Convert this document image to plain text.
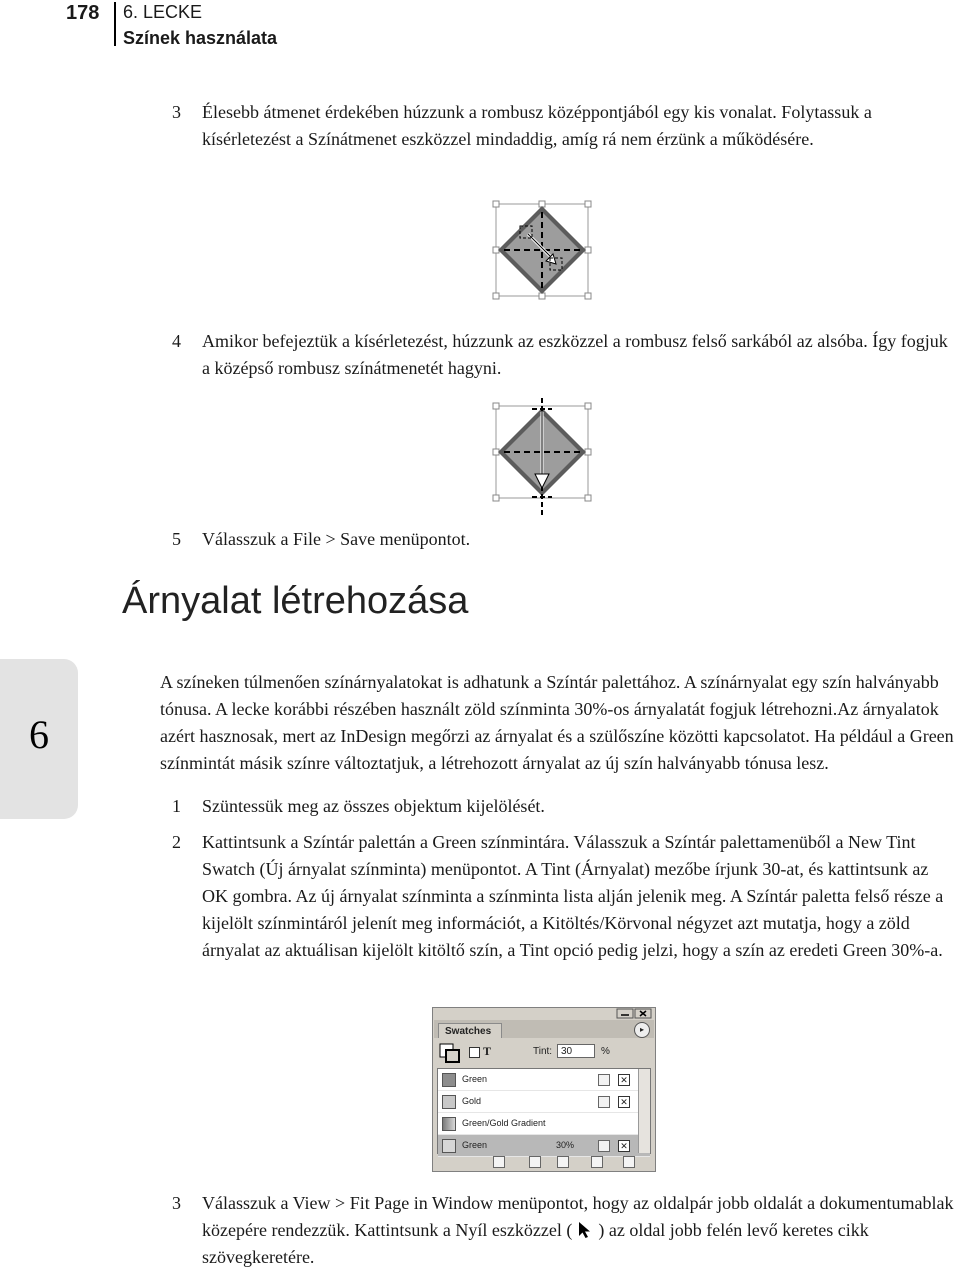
178 6. LECKE
Színek használata
3	Élesebb átmenet érdekében húzzunk a rombusz középpontjából egy kis vonalat. Folytassuk a kísérletezést a Színátmenet eszközzel mindaddig, amíg rá nem érzünk a működésére.
4	Amikor befejeztük a kísérletezést, húzzunk az eszközzel a rombusz felső sarkából az alsóba. Így fogjuk a középső rombusz színátmenetét hagyni.
5	Válasszuk a File > Save menüpontot.
Árnyalat létrehozása
6

A színeken túlmenően színárnyalatokat is adhatunk a Színtár palettához. A színárnyalat egy szín halványabb tónusa. A lecke korábbi részében használt zöld színminta 30%-os árnyalatát fogjuk létrehozni.Az árnyalatok azért hasznosak, mert az InDesign megőrzi az árnyalat és a szülőszíne közötti kapcsolatot. Ha például a Green színmintát másik színre változtatjuk, a létrehozott árnyalat az új szín halványabb tónusa lesz.

1	Szüntessük meg az összes objektum kijelölését.
2	Kattintsunk a Színtár palettán a Green színmintára. Válasszuk a Színtár palettamenüből a New Tint Swatch (Új árnyalat színminta) menüpontot. A Tint (Árnyalat) mezőbe írjunk 30-at, és kattintsunk az OK gombra. Az új árnyalat színminta a színminta lista alján jelenik meg. A Színtár paletta felső része a kijelölt színmintáról jelenít meg információt, a Kitöltés/Körvonal négyzet azt mutatja, hogy a zöld árnyalat az aktuálisan kijelölt kitöltő szín, a Tint opció pedig jelzi, hogy a szín az eredeti Green 30%-a.
Swatches	▸
T	Tint: 30	%
Green	✕
Gold	✕
Green/Gold Gradient
Green	30%	✕
3	Válasszuk a View > Fit Page in Window menüpontot, hogy az oldalpár jobb oldalát a dokumentumablak közepére rendezzük. Kattintsunk a Nyíl eszközzel ( ) az oldal jobb felén levő keretes cikk szövegkeretére.
